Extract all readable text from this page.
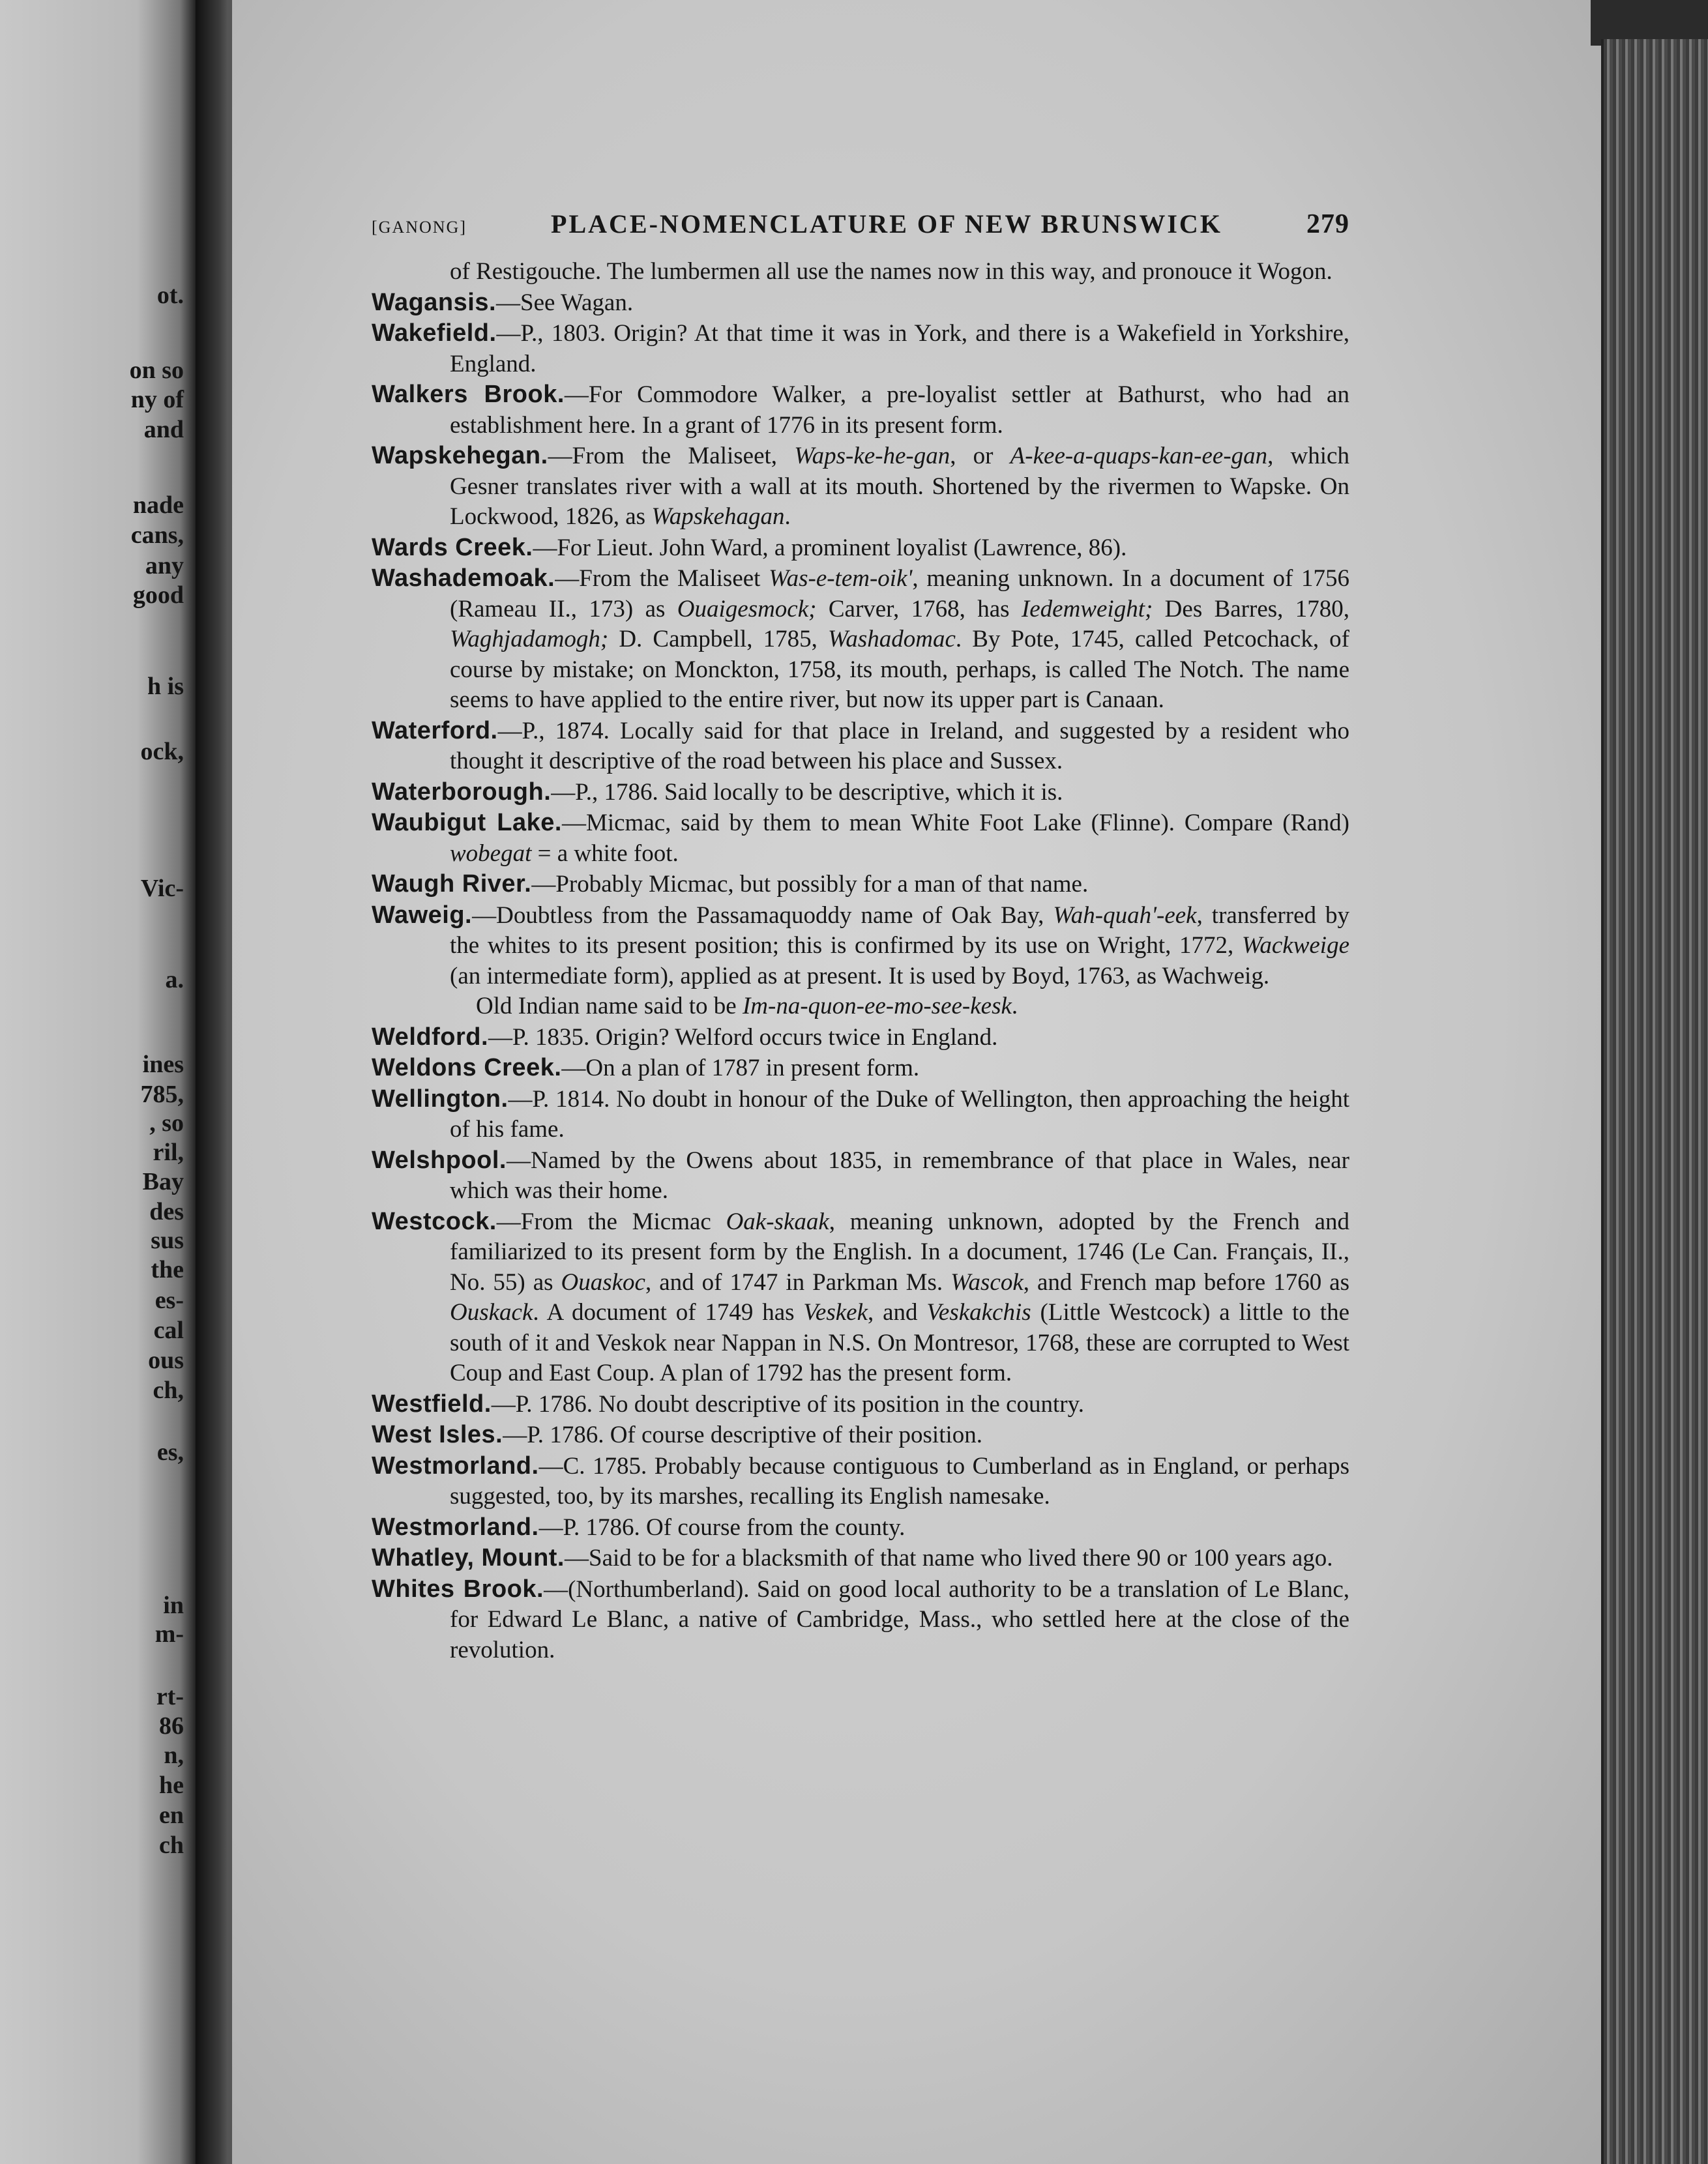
ot.
on so
ny of
and
nade
cans,
any
good
h is
ock,
Vic-
a.
ines
785,
, so
ril,
Bay
des
sus
the
es-
cal
ous
ch,
es,
in
m-
rt-
86
n,
he
en
ch
[GANONG]	PLACE-NOMENCLATURE OF NEW BRUNSWICK	279

of Restigouche. The lumbermen all use the names now in this way, and pronouce it Wogon.

Wagansis.—See Wagan.

Wakefield.—P., 1803. Origin? At that time it was in York, and there is a Wakefield in Yorkshire, England.

Walkers Brook.—For Commodore Walker, a pre-loyalist settler at Bathurst, who had an establishment here. In a grant of 1776 in its present form.

Wapskehegan.—From the Maliseet, Waps-ke-he-gan, or A-kee-a-quaps-kan-ee-gan, which Gesner translates river with a wall at its mouth. Shortened by the rivermen to Wapske. On Lockwood, 1826, as Wapskehagan.

Wards Creek.—For Lieut. John Ward, a prominent loyalist (Lawrence, 86).

Washademoak.—From the Maliseet Was-e-tem-oik', meaning unknown. In a document of 1756 (Rameau II., 173) as Ouaigesmock; Carver, 1768, has Iedemweight; Des Barres, 1780, Waghjadamogh; D. Campbell, 1785, Washadomac. By Pote, 1745, called Petcochack, of course by mistake; on Monckton, 1758, its mouth, perhaps, is called The Notch. The name seems to have applied to the entire river, but now its upper part is Canaan.

Waterford.—P., 1874. Locally said for that place in Ireland, and suggested by a resident who thought it descriptive of the road between his place and Sussex.

Waterborough.—P., 1786. Said locally to be descriptive, which it is.

Waubigut Lake.—Micmac, said by them to mean White Foot Lake (Flinne). Compare (Rand) wobegat = a white foot.

Waugh River.—Probably Micmac, but possibly for a man of that name.

Waweig.—Doubtless from the Passamaquoddy name of Oak Bay, Wah-quah'-eek, transferred by the whites to its present position; this is confirmed by its use on Wright, 1772, Wackweige (an intermediate form), applied as at present. It is used by Boyd, 1763, as Wachweig.

Old Indian name said to be Im-na-quon-ee-mo-see-kesk.

Weldford.—P. 1835. Origin? Welford occurs twice in England.

Weldons Creek.—On a plan of 1787 in present form.

Wellington.—P. 1814. No doubt in honour of the Duke of Wellington, then approaching the height of his fame.

Welshpool.—Named by the Owens about 1835, in remembrance of that place in Wales, near which was their home.

Westcock.—From the Micmac Oak-skaak, meaning unknown, adopted by the French and familiarized to its present form by the English. In a document, 1746 (Le Can. Français, II., No. 55) as Ouaskoc, and of 1747 in Parkman Ms. Wascok, and French map before 1760 as Ouskack. A document of 1749 has Veskek, and Veskakchis (Little Westcock) a little to the south of it and Veskok near Nappan in N.S. On Montresor, 1768, these are corrupted to West Coup and East Coup. A plan of 1792 has the present form.

Westfield.—P. 1786. No doubt descriptive of its position in the country.

West Isles.—P. 1786. Of course descriptive of their position.

Westmorland.—C. 1785. Probably because contiguous to Cumberland as in England, or perhaps suggested, too, by its marshes, recalling its English namesake.

Westmorland.—P. 1786. Of course from the county.

Whatley, Mount.—Said to be for a blacksmith of that name who lived there 90 or 100 years ago.

Whites Brook.—(Northumberland). Said on good local authority to be a translation of Le Blanc, for Edward Le Blanc, a native of Cambridge, Mass., who settled here at the close of the revolution.
